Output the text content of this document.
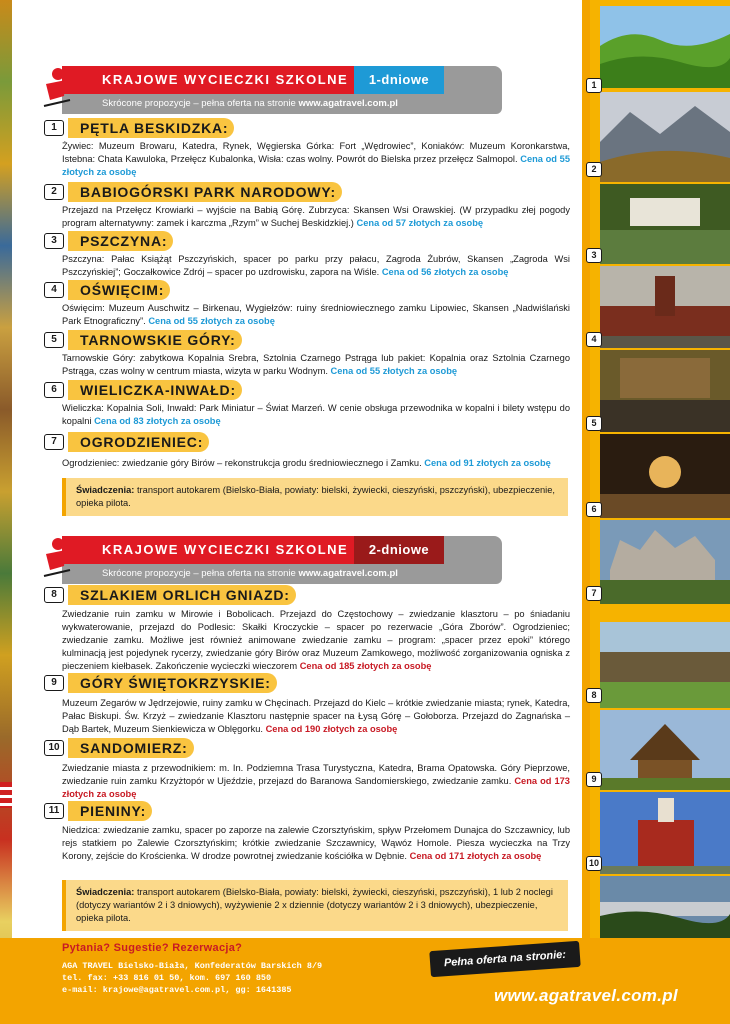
1
2
3
4
5
6
7
8
9
10
KRAJOWE WYCIECZKI SZKOLNE	1-dniowe
Skrócone propozycje – pełna oferta na stronie www.agatravel.com.pl
1	PĘTLA BESKIDZKA:
Żywiec: Muzeum Browaru, Katedra, Rynek, Węgierska Górka: Fort „Wędrowiec”, Koniaków: Muzeum Koronkarstwa, Istebna: Chata Kawuloka, Przełęcz Kubalonka, Wisła: czas wolny. Powrót do Bielska przez przełęcz Salmopol. Cena od 55 złotych za osobę
2	BABIOGÓRSKI PARK NARODOWY:
Przejazd na Przełęcz Krowiarki – wyjście na Babią Górę. Zubrzyca: Skansen Wsi Orawskiej. (W przypadku złej pogody program alternatywny: zamek i karczma „Rzym” w Suchej Beskidzkiej.) Cena od 57 złotych za osobę
3	PSZCZYNA:
Pszczyna: Pałac Książąt Pszczyńskich, spacer po parku przy pałacu, Zagroda Żubrów, Skansen „Zagroda Wsi Pszczyńskiej”; Goczałkowice Zdrój – spacer po uzdrowisku, zapora na Wiśle. Cena od 56 złotych za osobę
4	OŚWIĘCIM:
Oświęcim: Muzeum Auschwitz – Birkenau, Wygiełzów: ruiny średniowiecznego zamku Lipowiec, Skansen „Nadwiślański Park Etnograficzny”. Cena od 55 złotych za osobę
5	TARNOWSKIE GÓRY:
Tarnowskie Góry: zabytkowa Kopalnia Srebra, Sztolnia Czarnego Pstrąga lub pakiet: Kopalnia oraz Sztolnia Czarnego Pstrąga, czas wolny w centrum miasta, wizyta w parku Wodnym. Cena od 55 złotych za osobę
6	WIELICZKA-INWAŁD:
Wieliczka: Kopalnia Soli, Inwałd: Park Miniatur – Świat Marzeń. W cenie obsługa przewodnika w kopalni i bilety wstępu do kopalni Cena od 83 złotych za osobę
7	OGRODZIENIEC:
Ogrodzieniec: zwiedzanie góry Birów – rekonstrukcja grodu średniowiecznego i Zamku. Cena od 91 złotych za osobę
Świadczenia: transport autokarem (Bielsko-Biała, powiaty: bielski, żywiecki, cieszyński, pszczyński), ubezpieczenie, opieka pilota.
KRAJOWE WYCIECZKI SZKOLNE	2-dniowe
Skrócone propozycje – pełna oferta na stronie www.agatravel.com.pl
8	SZLAKIEM ORLICH GNIAZD:
Zwiedzanie ruin zamku w Mirowie i Bobolicach. Przejazd do Częstochowy – zwiedzanie klasztoru – po śniadaniu wykwaterowanie, przejazd do Podlesic: Skałki Kroczyckie – spacer po rezerwacie „Góra Zborów”. Ogrodzieniec; zwiedzanie zamku. Możliwe jest również animowane zwiedzanie zamku – program: „spacer przez epoki” którego kulminacją jest pojedynek rycerzy, zwiedzanie góry Birów oraz Muzeum Zamkowego, możliwość zorganizowania ogniska z pieczeniem kiełbasek. Zakończenie wycieczki wieczorem Cena od 185 złotych za osobę
9	GÓRY ŚWIĘTOKRZYSKIE:
Muzeum Zegarów w Jędrzejowie, ruiny zamku w Chęcinach. Przejazd do Kielc – krótkie zwiedzanie miasta; rynek, Katedra, Pałac Biskupi. Św. Krzyż – zwiedzanie Klasztoru następnie spacer na Łysą Górę – Gołoborza. Przejazd do Zagnańska – Dąb Bartek, Muzeum Sienkiewicza w Oblęgorku. Cena od 190 złotych za osobę
10	SANDOMIERZ:
Zwiedzanie miasta z przewodnikiem: m. In. Podziemna Trasa Turystyczna, Katedra, Brama Opatowska. Góry Pieprzowe, zwiedzanie ruin zamku Krzyżtopór w Ujeździe, przejazd do Baranowa Sandomierskiego, zwiedzanie zamku. Cena od 173 złotych za osobę
11	PIENINY:
Niedzica: zwiedzanie zamku, spacer po zaporze na zalewie Czorsztyńskim, spływ Przełomem Dunajca do Szczawnicy, lub rejs statkiem po Zalewie Czorsztyńskim; krótkie zwiedzanie Szczawnicy, Wąwóz Homole. Piesza wycieczka na Trzy Korony, zejście do Krościenka. W drodze powrotnej zwiedzanie kościółka w Dębnie. Cena od 171 złotych za osobę
Świadczenia: transport autokarem (Bielsko-Biała, powiaty: bielski, żywiecki, cieszyński, pszczyński), 1 lub 2 noclegi (dotyczy wariantów 2 i 3 dniowych), wyżywienie 2 x dziennie (dotyczy wariantów 2 i 3 dniowych), ubezpieczenie, opieka pilota.
Pytania? Sugestie? Rezerwacja?
AGA TRAVEL Bielsko-Biała, Konfederatów Barskich 8/9
tel. fax: +33 816 01 50, kom. 697 160 850
e-mail: krajowe@agatravel.com.pl, gg: 1641385
Pełna oferta na stronie:
www.agatravel.com.pl
